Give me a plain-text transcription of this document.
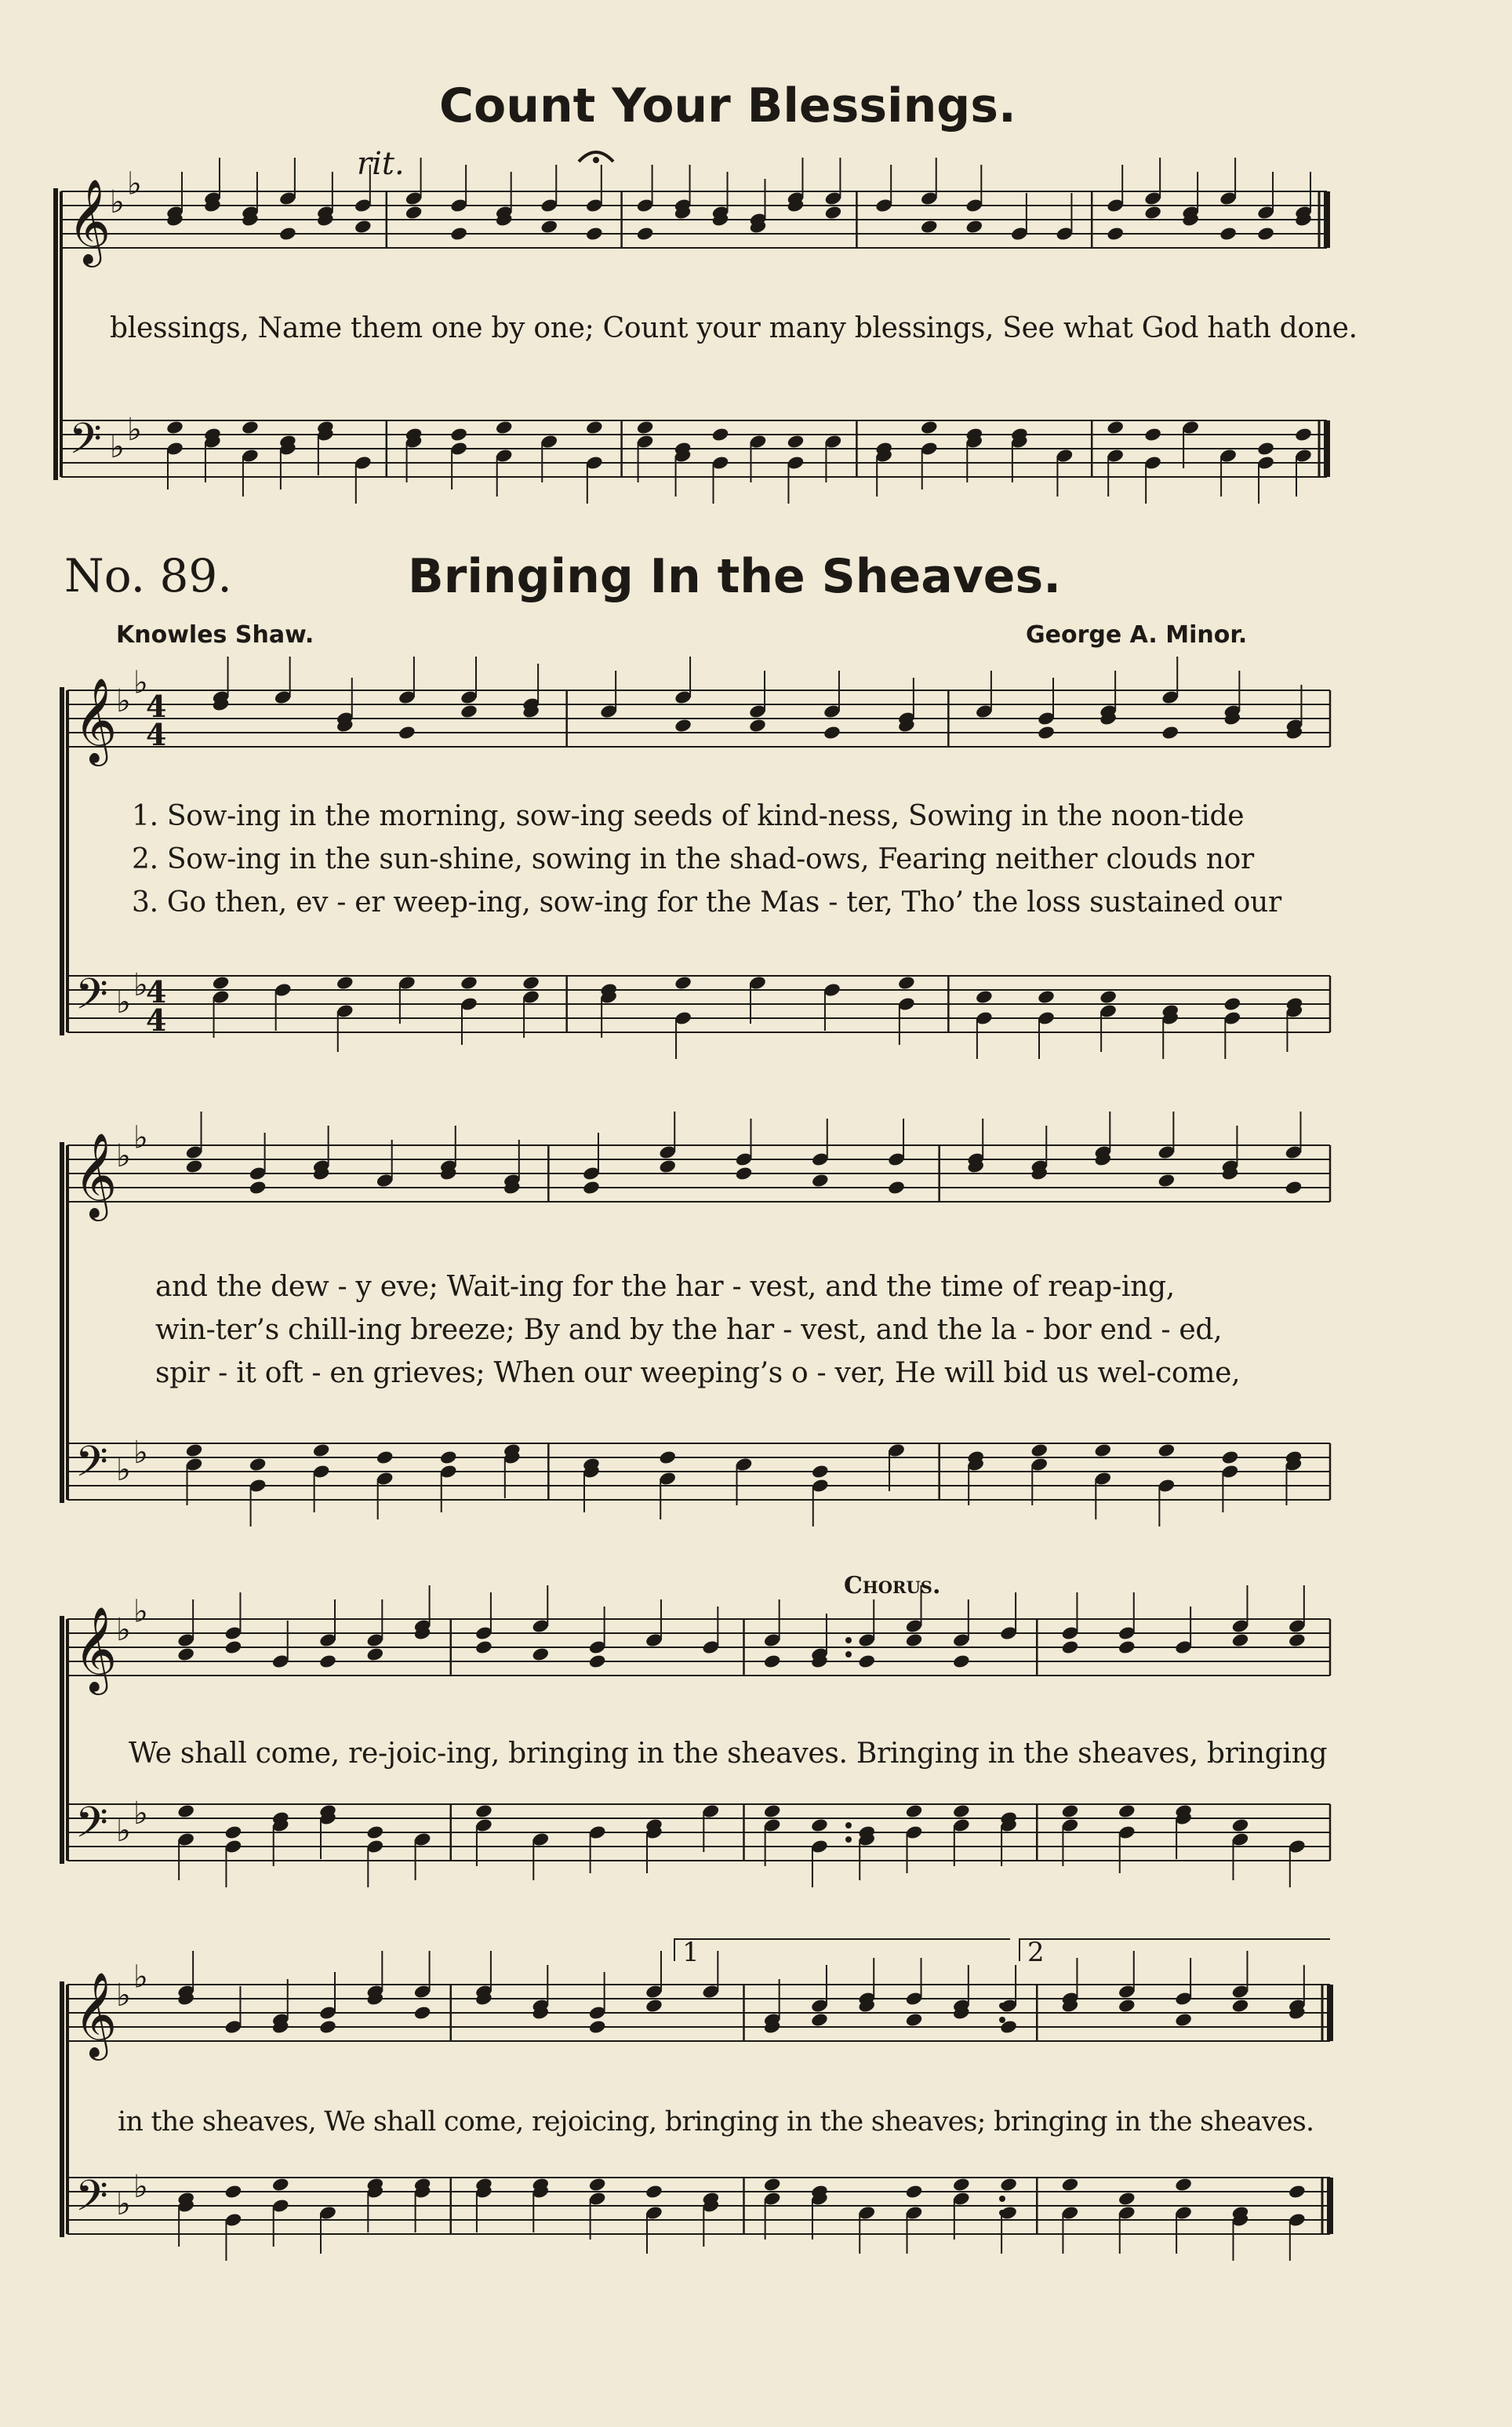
𝄞
𝄢
♭
♭
♭ ♭
𝄞
𝄢
♭
♭
♭ ♭
4
4
4
4
𝄞
𝄢
♭
♭
♭ ♭
𝄞
𝄢
♭
♭
♭ ♭
𝄞
𝄢
♭
♭
♭ ♭
1	2
Count Your Blessings.
rit.
blessings, Name them one by one; Count your many blessings, See what God hath done.
No. 89.	Bringing In the Sheaves.
Knowles Shaw.	George A. Minor.
1. Sow-ing in the morning, sow-ing seeds of kind-ness, Sowing in the noon-tide
2. Sow-ing in the sun-shine, sowing in the shad-ows, Fearing neither clouds nor
3. Go then, ev - er weep-ing, sow-ing for the Mas - ter, Tho’ the loss sustained our
and the dew - y eve; Wait-ing for the har - vest, and the time of reap-ing,
win-ter’s chill-ing breeze; By and by the har - vest, and the la - bor end - ed,
spir - it oft - en grieves; When our weeping’s o - ver, He will bid us wel-come,
Chorus.
We shall come, re-joic-ing, bringing in the sheaves. Bringing in the sheaves, bringing
in the sheaves, We shall come, rejoicing, bringing in the sheaves; bringing in the sheaves.
